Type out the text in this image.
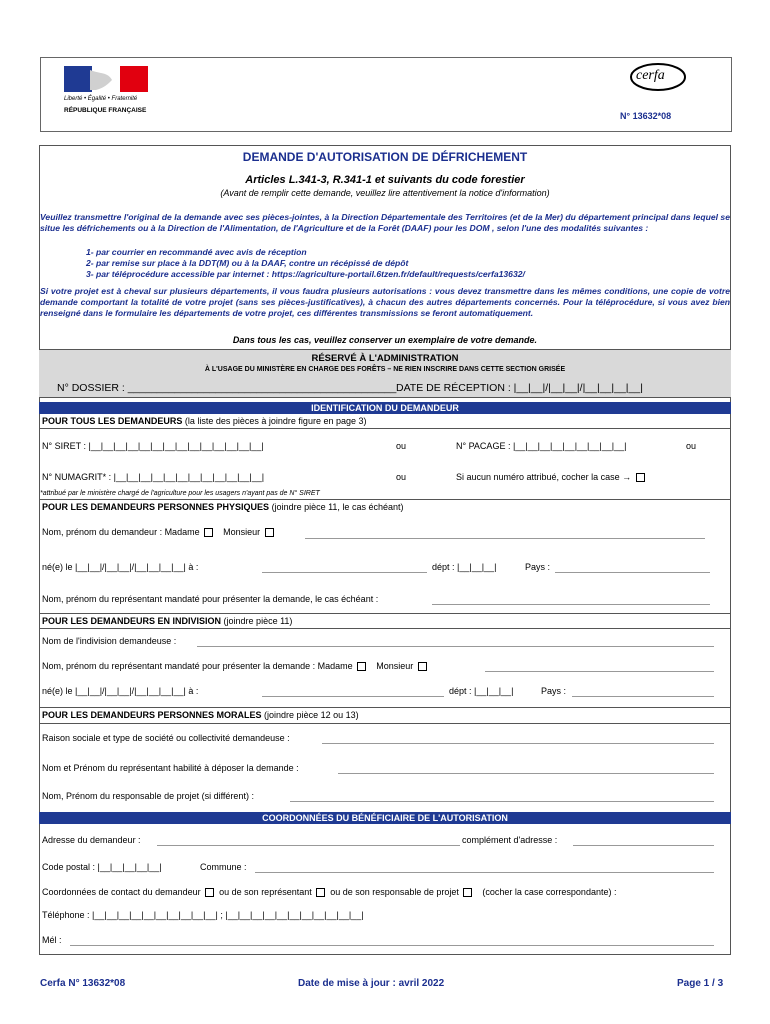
Liberté • Égalité • Fraternité
RÉPUBLIQUE FRANÇAISE
cerfa
N° 13632*08
DEMANDE D'AUTORISATION DE DÉFRICHEMENT
Articles L.341-3, R.341-1 et suivants du code forestier
(Avant de remplir cette demande, veuillez lire attentivement la notice d'information)
Veuillez transmettre l'original de la demande avec ses pièces-jointes, à la Direction Départementale des Territoires (et de la Mer) du département principal dans lequel se situe les défrichements ou à la Direction de l'Alimentation, de l'Agriculture et de la Forêt (DAAF) pour les DOM , selon l'une des modalités suivantes :
1- par courrier en recommandé avec avis de réception
2- par remise sur place à la DDT(M) ou à la DAAF, contre un récépissé de dépôt
3- par téléprocédure accessible par internet : https://agriculture-portail.6tzen.fr/default/requests/cerfa13632/
Si votre projet est à cheval sur plusieurs départements, il vous faudra plusieurs autorisations : vous devez transmettre dans les mêmes conditions, une copie de votre demande comportant la totalité de votre projet (sans ses pièces-justificatives), à chacun des autres départements concernés. Pour la téléprocédure, si vous avez bien renseigné dans le formulaire les départements de votre projet, ces différentes transmissions se feront automatiquement.
Dans tous les cas, veuillez conserver un exemplaire de votre demande.
RÉSERVÉ À L'ADMINISTRATION
À L'USAGE DU MINISTÈRE EN CHARGE DES FORÊTS – NE RIEN INSCRIRE DANS CETTE SECTION GRISÉE
N° DOSSIER : ______________________________________________ DATE DE RÉCEPTION : |__|__|/|__|__|/|__|__|__|__|
IDENTIFICATION DU DEMANDEUR
POUR TOUS LES DEMANDEURS (la liste des pièces à joindre figure en page 3)
N° SIRET : |__|__|__|__|__|__|__|__|__|__|__|__|__|__|	ou	N° PACAGE : |__|__|__|__|__|__|__|__|__|	ou
N° NUMAGRIT* : |__|__|__|__|__|__|__|__|__|__|__|__|	ou	Si aucun numéro attribué, cocher la case →
*attribué par le ministère chargé de l'agriculture pour les usagers n'ayant pas de N° SIRET
POUR LES DEMANDEURS PERSONNES PHYSIQUES (joindre pièce 11, le cas échéant)
Nom, prénom du demandeur : Madame	Monsieur
né(e) le |__|__|/|__|__|/|__|__|__|__| à :	dépt : |__|__|__|	Pays :
Nom, prénom du représentant mandaté pour présenter la demande, le cas échéant :
POUR LES DEMANDEURS EN INDIVISION (joindre pièce 11)
Nom de l'indivision demandeuse :
Nom, prénom du représentant mandaté pour présenter la demande : Madame	Monsieur
né(e) le |__|__|/|__|__|/|__|__|__|__| à :	dépt : |__|__|__|	Pays :
POUR LES DEMANDEURS PERSONNES MORALES (joindre pièce 12 ou 13)
Raison sociale et type de société ou collectivité demandeuse :
Nom et Prénom du représentant habilité à déposer la demande :
Nom, Prénom du responsable de projet (si différent) :
COORDONNÉES DU BÉNÉFICIAIRE DE L'AUTORISATION
Adresse du demandeur :	complément d'adresse :
Code postal : |__|__|__|__|__|	Commune :
Coordonnées de contact du demandeur ou de son représentant ou de son responsable de projet	(cocher la case correspondante) :
Téléphone : |__|__|__|__|__|__|__|__|__|__| ; |__|__|__|__|__|__|__|__|__|__|__|
Mél :
Cerfa N° 13632*08	Date de mise à jour : avril 2022	Page 1 / 3
